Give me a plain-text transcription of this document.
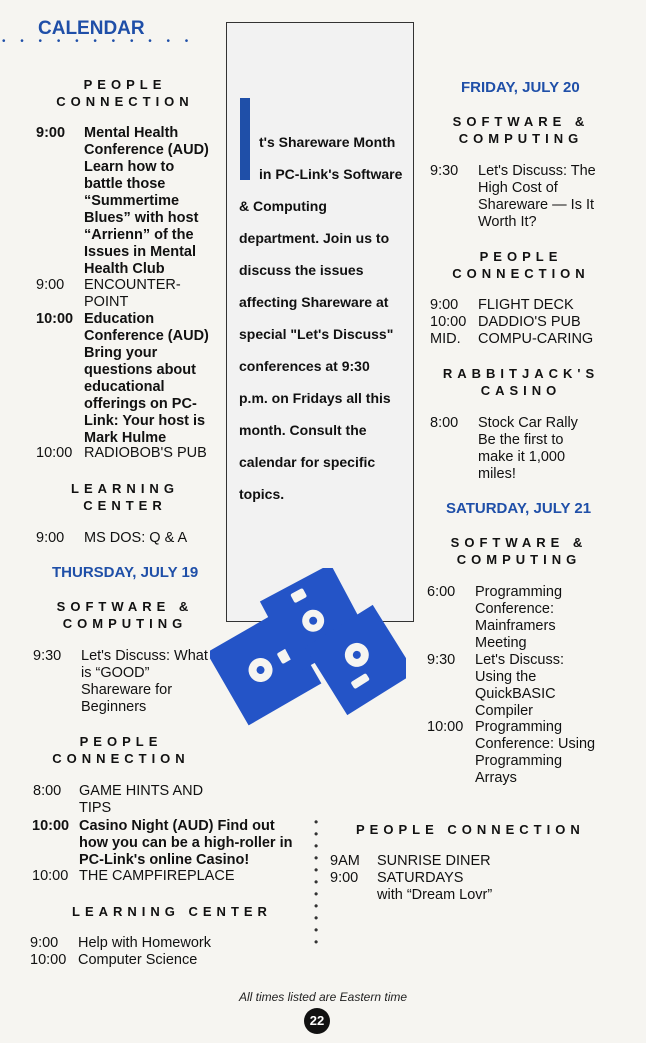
CALENDAR
• • • • • • • • • • •
I
t's Shareware Month
in PC-Link's Software
& Computing
department. Join us to
discuss the issues
affecting Shareware at
special "Let's Discuss"
conferences at 9:30
p.m. on Fridays all this
month. Consult the
calendar for specific
topics.
PEOPLE
CONNECTION
9:00	Mental Health Conference (AUD) Learn how to battle those “Summertime Blues” with host “Arrienn” of the Issues in Mental Health Club
9:00	ENCOUNTER-POINT
10:00 Education Conference (AUD) Bring your questions about educational offerings on PC-Link: Your host is Mark Hulme
10:00 RADIOBOB'S PUB
LEARNING
CENTER
9:00	MS DOS: Q & A
THURSDAY, JULY 19
SOFTWARE &
COMPUTING
9:30	Let's Discuss: What is “GOOD” Shareware for Beginners
PEOPLE
CONNECTION
8:00	GAME HINTS AND TIPS
10:00 Casino Night (AUD) Find out how you can be a high-roller in PC-Link's online Casino!
10:00 THE CAMPFIREPLACE
LEARNING CENTER
9:00	Help with Homework
10:00 Computer Science
FRIDAY, JULY 20
SOFTWARE &
COMPUTING
9:30	Let's Discuss: The High Cost of Shareware — Is It Worth It?
PEOPLE
CONNECTION
9:00	FLIGHT DECK
10:00 DADDIO'S PUB
MID.	COMPU-CARING
RABBITJACK'S
CASINO
8:00	Stock Car Rally Be the first to make it 1,000 miles!
SATURDAY, JULY 21
SOFTWARE &
COMPUTING
6:00	Programming Conference: Mainframers Meeting
9:30	Let's Discuss: Using the QuickBASIC Compiler
10:00 Programming Conference: Using Programming Arrays
•
•
•
•
•
•
•
•
•
•
•
PEOPLE CONNECTION
9AM	SUNRISE DINER
9:00	SATURDAYS
with “Dream Lovr”
All times listed are Eastern time
22
